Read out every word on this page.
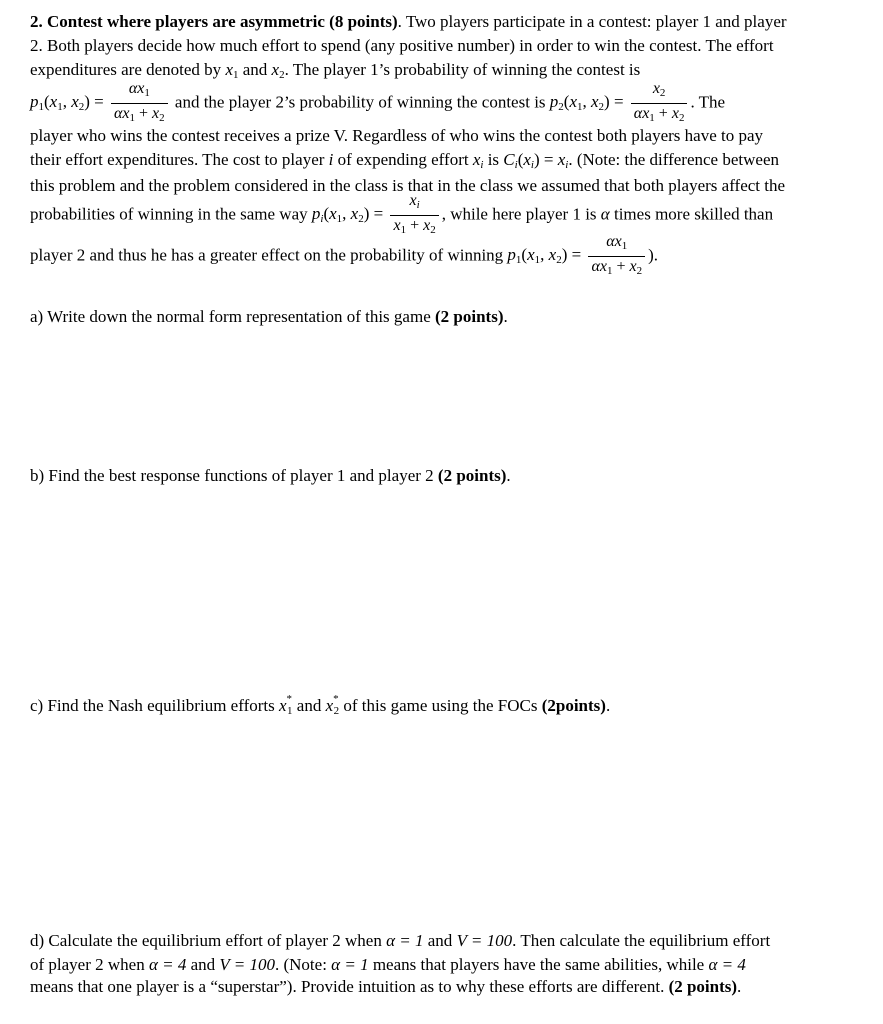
2. Contest where players are asymmetric (8 points). Two players participate in a contest: player 1 and player
2. Both players decide how much effort to spend (any positive number) in order to win the contest. The effort
expenditures are denoted by $x_1$ and $x_2$. The player 1’s probability of winning the contest is
$p_1(x_1$, $x_2) = \frac{\alpha x_1}{\alpha x_1 + x_2}$ and the player 2’s probability of winning the contest is $p_2(x_1$, $x_2) = \frac{x_2}{\alpha x_1 + x_2}$ . The
player who wins the contest receives a prize V. Regardless of who wins the contest both players have to pay
their effort expenditures. The cost to player i of expending effort $x_i$ is $C_i(x_i) = x_i$. (Note: the difference between
this problem and the problem considered in the class is that in the class we assumed that both players affect the
probabilities of winning in the same way $p_i(x_1$, $x_2) = \frac{x_i}{x_1 + x_2}$ , while here player 1 is α times more skilled than
player 2 and thus he has a greater effect on the probability of winning $p_1(x_1$, $x_2) = \frac{\alpha x_1}{\alpha x_1 + x_2}$ ).
a) Write down the normal form representation of this game (2 points).
b) Find the best response functions of player 1 and player 2 (2 points).
c) Find the Nash equilibrium efforts $x_{*1}$ and $x_{*2}$ of this game using the FOCs (2points).
d) Calculate the equilibrium effort of player 2 when α = 1 and V = 100. Then calculate the equilibrium effort
of player 2 when α = 4 and V = 100. (Note: α = 1 means that players have the same abilities, while α = 4
means that one player is a “superstar”). Provide intuition as to why these efforts are different. (2 points).
